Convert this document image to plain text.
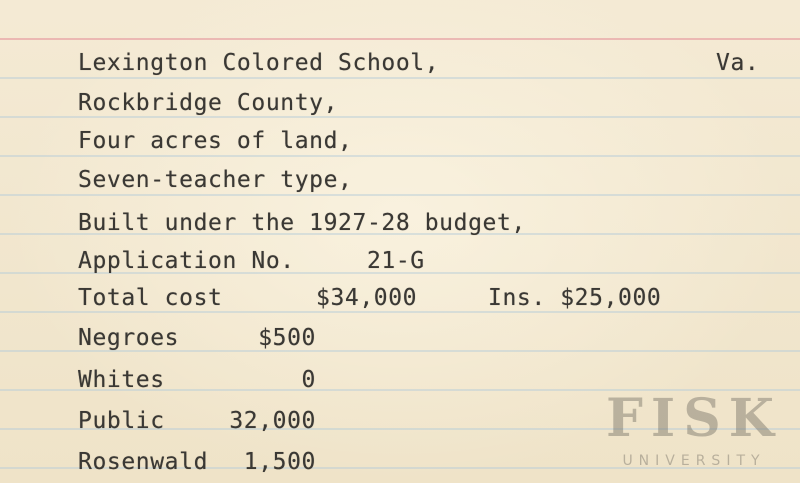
Lexington Colored School,	Va.
Rockbridge County,
Four acres of land,
Seven-teacher type,
Built under the 1927-28 budget,
Application No.     21-G
Total cost	$34,000	Ins. $25,000
Negroes	$500
Whites	0
Public	32,000
Rosenwald	1,500
FISK
UNIVERSITY
